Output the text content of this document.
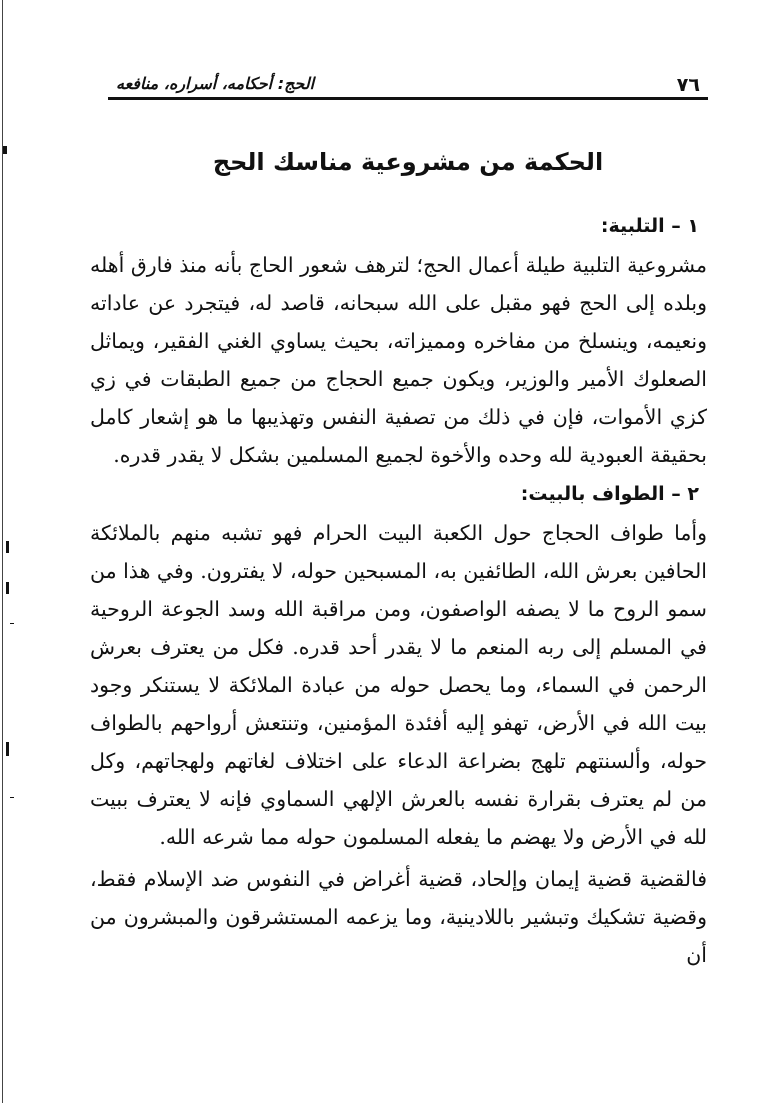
٧٦
الحج: أحكامه، أسراره، منافعه
الحكمة من مشروعية مناسك الحج
١ – التلبية:

مشروعية التلبية طيلة أعمال الحج؛ لترهف شعور الحاج بأنه منذ فارق أهله وبلده إلى الحج فهو مقبل على الله سبحانه، قاصد له، فيتجرد عن عاداته ونعيمه، وينسلخ من مفاخره ومميزاته، بحيث يساوي الغني الفقير، ويماثل الصعلوك الأمير والوزير، ويكون جميع الحجاج من جميع الطبقات في زي كزي الأموات، فإن في ذلك من تصفية النفس وتهذيبها ما هو إشعار كامل بحقيقة العبودية لله وحده والأخوة لجميع المسلمين بشكل لا يقدر قدره.

٢ – الطواف بالبيت:

وأما طواف الحجاج حول الكعبة البيت الحرام فهو تشبه منهم بالملائكة الحافين بعرش الله، الطائفين به، المسبحين حوله، لا يفترون. وفي هذا من سمو الروح ما لا يصفه الواصفون، ومن مراقبة الله وسد الجوعة الروحية في المسلم إلى ربه المنعم ما لا يقدر أحد قدره. فكل من يعترف بعرش الرحمن في السماء، وما يحصل حوله من عبادة الملائكة لا يستنكر وجود بيت الله في الأرض، تهفو إليه أفئدة المؤمنين، وتنتعش أرواحهم بالطواف حوله، وألسنتهم تلهج بضراعة الدعاء على اختلاف لغاتهم ولهجاتهم، وكل من لم يعترف بقرارة نفسه بالعرش الإلهي السماوي فإنه لا يعترف ببيت لله في الأرض ولا يهضم ما يفعله المسلمون حوله مما شرعه الله.

فالقضية قضية إيمان وإلحاد، قضية أغراض في النفوس ضد الإسلام فقط، وقضية تشكيك وتبشير باللادينية، وما يزعمه المستشرقون والمبشرون من أن
